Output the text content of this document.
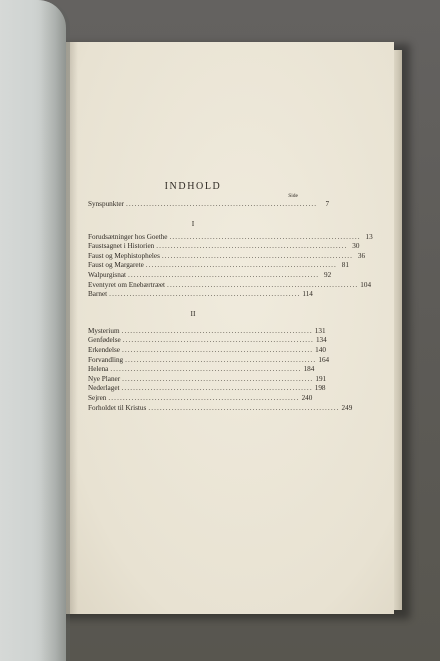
INDHOLD
Side
Synspunkter ..................................................................	7
I
Forudsætninger hos Goethe .................................................................. 13
Faustsagnet i Historien .................................................................. 30
Faust og Mephistopheles .................................................................. 36
Faust og Margarete .................................................................. 81
Walpurgisnat .................................................................. 92
Eventyret om Enebærtræet .................................................................. 104
Barnet .................................................................. 114
II
Mysterium .................................................................. 131
Genfødelse .................................................................. 134
Erkendelse .................................................................. 140
Forvandling .................................................................. 164
Helena .................................................................. 184
Nye Planer .................................................................. 191
Nederlaget .................................................................. 198
Sejren .................................................................. 240
Forholdet til Kristus .................................................................. 249
